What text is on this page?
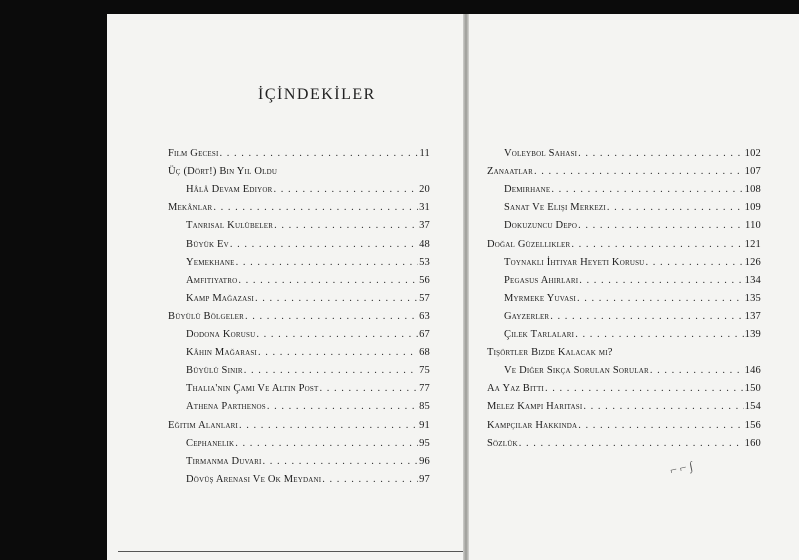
İÇİNDEKİLER
Film Gecesi . . .	11
Üç (Dört!) Bin Yıl Oldu
Hâlâ Devam Ediyor . . .	20
Mekânlar . . .	31
Tanrısal Kulübeler . . .	37
Büyük Ev . . .	48
Yemekhane . . .	53
Amfitiyatro . . .	56
Kamp Mağazası . . .	57
Büyülü Bölgeler . . .	63
Dodona Korusu . . .	67
Kâhin Mağarası . . .	68
Büyülü Sınır . . .	75
Thalia'nın Çamı Ve Altın Post . . .	77
Athena Parthenos . . .	85
Eğitim Alanları . . .	91
Cephanelik . . .	95
Tırmanma Duvarı . . .	96
Dövüş Arenası Ve Ok Meydanı . . .	97
Voleybol Sahası . . .	102
Zanaatlar . . .	107
Demirhane . . .	108
Sanat Ve Elişi Merkezi . . .	109
Dokuzuncu Depo . . .	110
Doğal Güzellikler . . .	121
Toynaklı İhtiyar Heyeti Korusu . . .	126
Pegasus Ahırları . . .	134
Myrmeke Yuvası . . .	135
Gayzerler . . .	137
Çilek Tarlaları . . .	139
Tişörtler Bizde Kalacak mı?
Ve Diğer Sıkça Sorulan Sorular . . .	146
Aa Yaz Bitti . . .	150
Melez Kampı Haritası . . .	154
Kampçılar Hakkında . . .	156
Sözlük . . .	160
⌐ ⌐ ∫
